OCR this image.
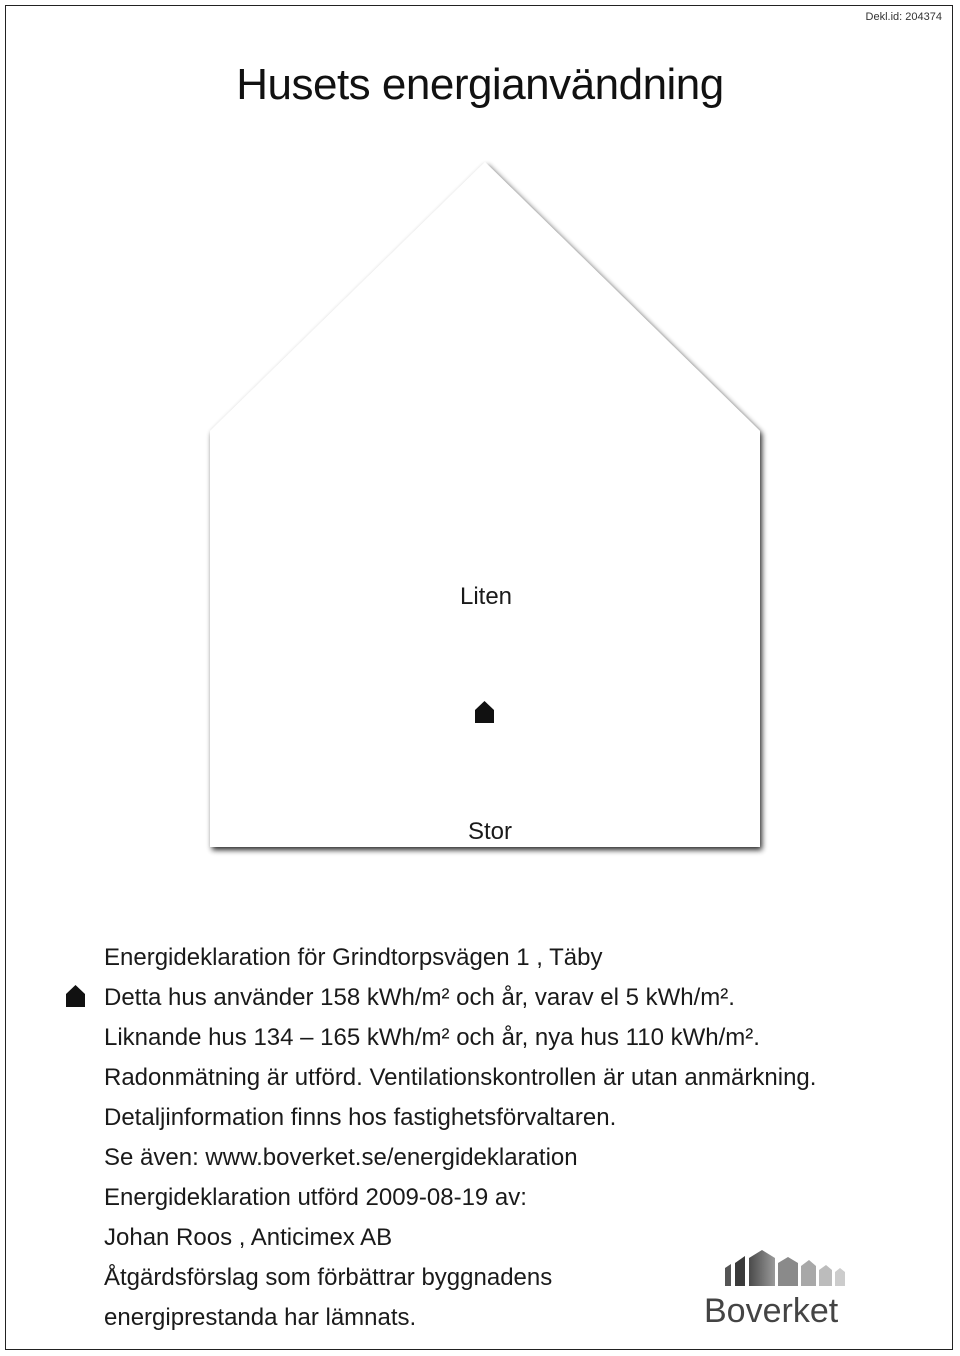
Dekl.id: 204374
Husets energianvändning
Liten
Stor

Energideklaration för Grindtorpsvägen 1 , Täby

Detta hus använder 158 kWh/m² och år, varav el 5 kWh/m².

Liknande hus 134 – 165 kWh/m² och år, nya hus 110 kWh/m².

Radonmätning är utförd. Ventilationskontrollen är utan anmärkning.

Detaljinformation finns hos fastighetsförvaltaren.

Se även: www.boverket.se/energideklaration

Energideklaration utförd 2009-08-19 av:

Johan Roos , Anticimex AB

Åtgärdsförslag som förbättrar byggnadens

energiprestanda har lämnats.	Boverket
